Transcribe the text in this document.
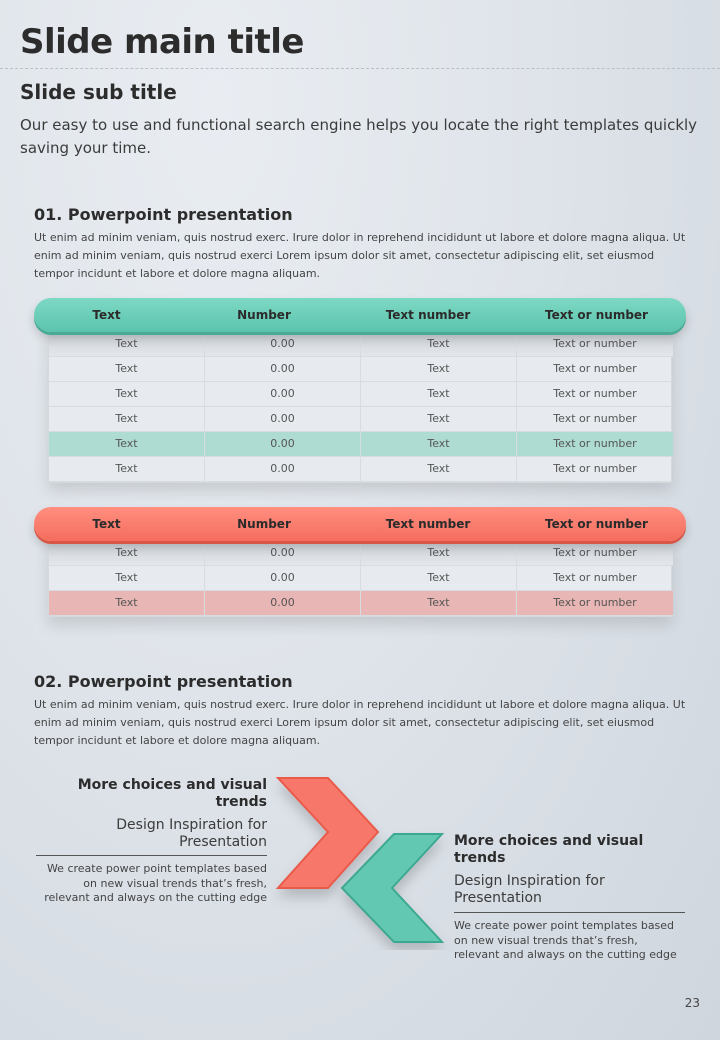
Slide main title
Slide sub title
Our easy to use and functional search engine helps you locate the right templates quickly saving your time.
01. Powerpoint presentation
Ut enim ad minim veniam, quis nostrud exerc. Irure dolor in reprehend incididunt ut labore et dolore magna aliqua. Ut enim ad minim veniam, quis nostrud exerci Lorem ipsum dolor sit amet, consectetur adipiscing elit, set eiusmod tempor incidunt et labore et dolore magna aliquam.
Text	Number	Text number	Text or number
Text	0.00	Text	Text or number
Text	0.00	Text	Text or number
Text	0.00	Text	Text or number
Text	0.00	Text	Text or number
Text	0.00	Text	Text or number
Text	0.00	Text	Text or number
Text	Number	Text number	Text or number
Text	0.00	Text	Text or number
Text	0.00	Text	Text or number
Text	0.00	Text	Text or number
02. Powerpoint presentation
Ut enim ad minim veniam, quis nostrud exerc. Irure dolor in reprehend incididunt ut labore et dolore magna aliqua. Ut enim ad minim veniam, quis nostrud exerci Lorem ipsum dolor sit amet, consectetur adipiscing elit, set eiusmod tempor incidunt et labore et dolore magna aliquam.
More choices and visual trends
Design Inspiration for Presentation
We create power point templates based on new visual trends that’s fresh, relevant and always on the cutting edge
More choices and visual trends
Design Inspiration for Presentation
We create power point templates based on new visual trends that’s fresh, relevant and always on the cutting edge
23
